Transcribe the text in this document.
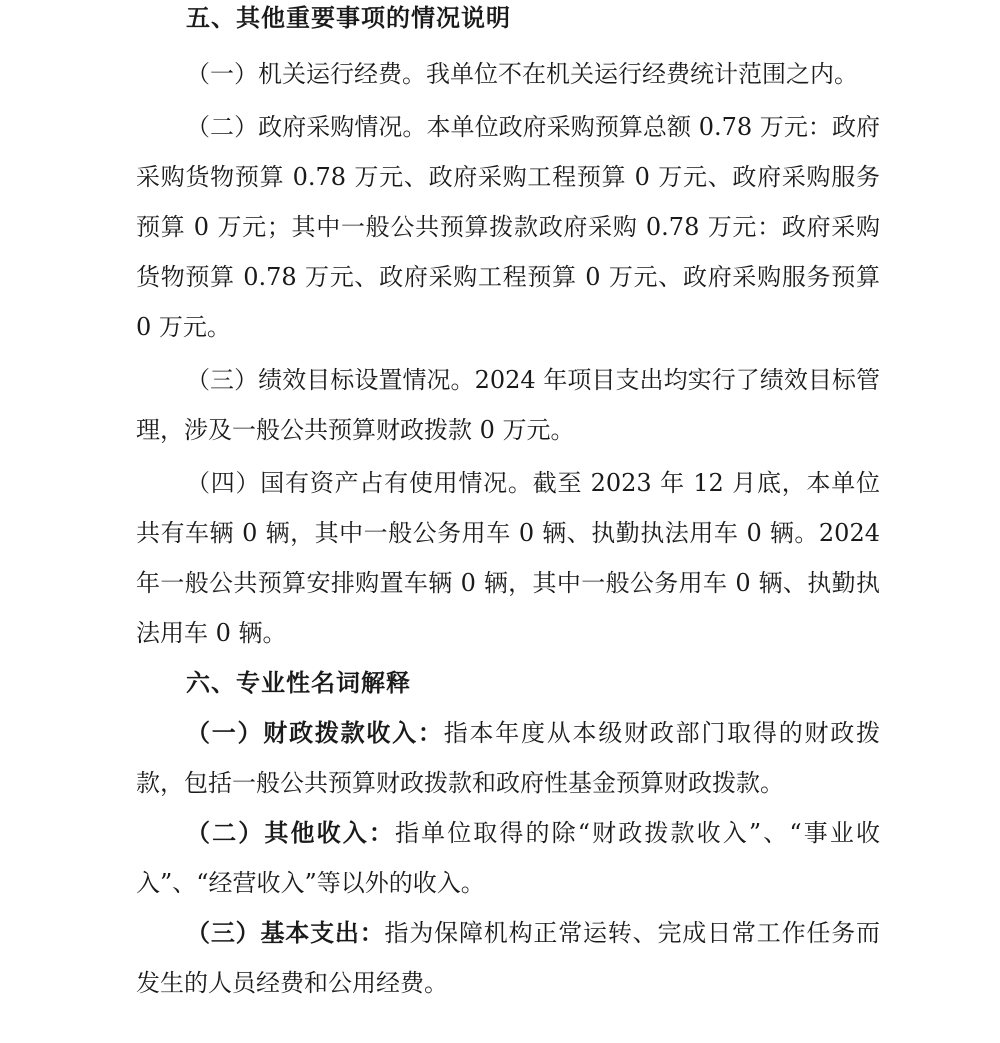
五、其他重要事项的情况说明

（一）机关运行经费。我单位不在机关运行经费统计范围之内。

（二）政府采购情况。本单位政府采购预算总额 0.78 万元：政府采购货物预算 0.78 万元、政府采购工程预算 0 万元、政府采购服务预算 0 万元；其中一般公共预算拨款政府采购 0.78 万元：政府采购货物预算 0.78 万元、政府采购工程预算 0 万元、政府采购服务预算 0 万元。

（三）绩效目标设置情况。2024 年项目支出均实行了绩效目标管理，涉及一般公共预算财政拨款 0 万元。

（四）国有资产占有使用情况。截至 2023 年 12 月底，本单位共有车辆 0 辆，其中一般公务用车 0 辆、执勤执法用车 0 辆。2024 年一般公共预算安排购置车辆 0 辆，其中一般公务用车 0 辆、执勤执法用车 0 辆。

六、专业性名词解释

（一）财政拨款收入：指本年度从本级财政部门取得的财政拨款，包括一般公共预算财政拨款和政府性基金预算财政拨款。

（二）其他收入：指单位取得的除“财政拨款收入”、“事业收入”、“经营收入”等以外的收入。

（三）基本支出：指为保障机构正常运转、完成日常工作任务而发生的人员经费和公用经费。
